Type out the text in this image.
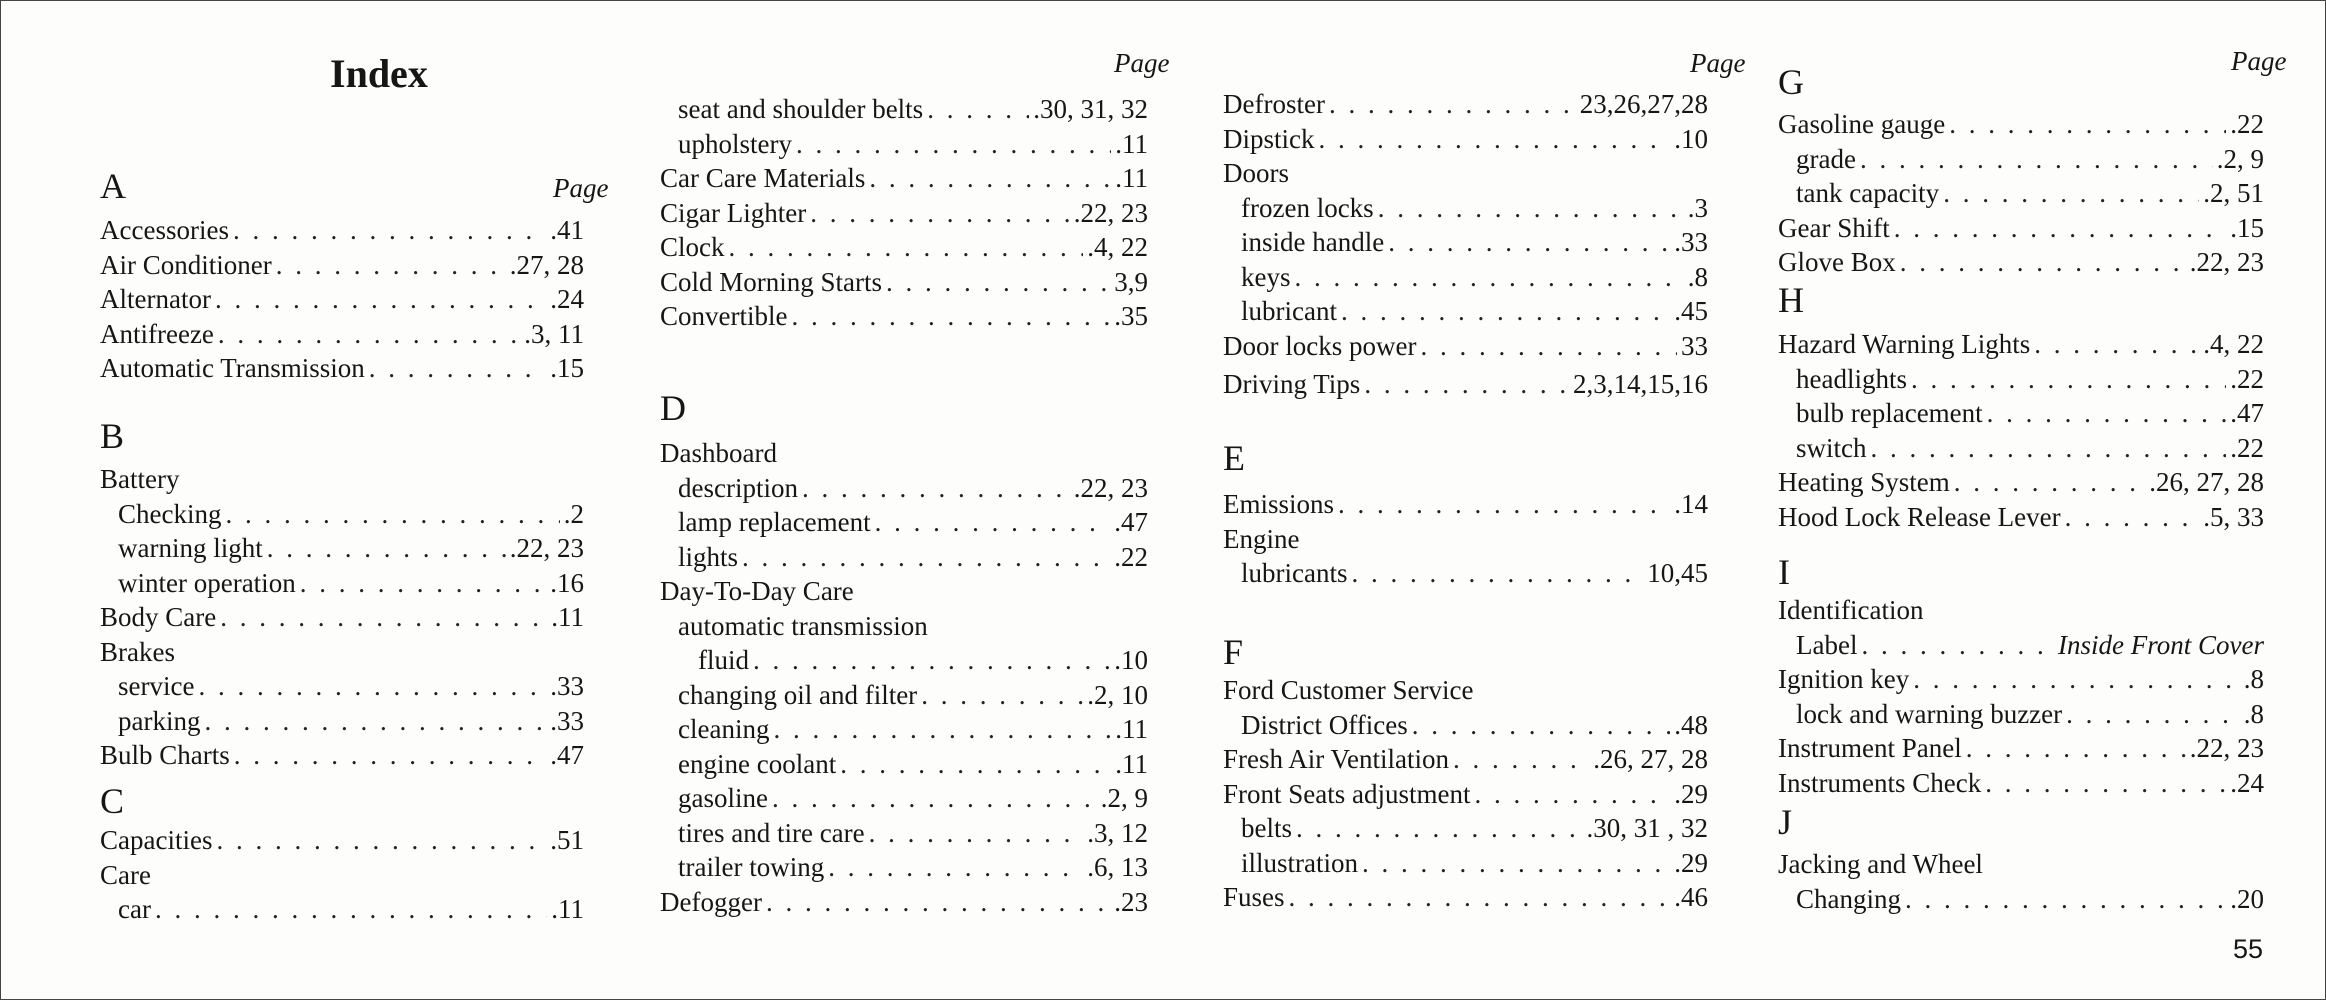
Index
Page
Page	Page	Page
A
Accessories . . .	.41
Air Conditioner . . .	.27, 28
Alternator . . .	.24
Antifreeze . . .	.3, 11
Automatic Transmission . . .	.15
B
Battery
Checking . . .	.2
warning light . . .	.22, 23
winter operation . . .	.16
Body Care . . .	.11
Brakes
service . . .	.33
parking . . .	.33
Bulb Charts . . .	.47
C
Capacities . . .	.51
Care
car . . .	.11
seat and shoulder belts . . .	.30, 31, 32
upholstery . . .	.11
Car Care Materials . . .	.11
Cigar Lighter . . .	.22, 23
Clock . . .	.4, 22
Cold Morning Starts . . .	3,9
Convertible . . .	.35
D
Dashboard
description . . .	.22, 23
lamp replacement . . .	.47
lights . . .	.22
Day-To-Day Care
automatic transmission
fluid . . .	.10
changing oil and filter . . .	.2, 10
cleaning . . .	.11
engine coolant . . .	.11
gasoline . . .	.2, 9
tires and tire care . . .	.3, 12
trailer towing . . .	.6, 13
Defogger . . .	.23
Defroster . . .	23,26,27,28
Dipstick . . .	.10
Doors
frozen locks . . .	.3
inside handle . . .	.33
keys . . .	.8
lubricant . . .	.45
Door locks power . . .	33
Driving Tips . . .	2,3,14,15,16
E
Emissions . . .	.14
Engine
lubricants . . .	10,45
F
Ford Customer Service
District Offices . . .	.48
Fresh Air Ventilation . . .	.26, 27, 28
Front Seats adjustment . . .	.29
belts . . .	.30, 31 , 32
illustration . . .	.29
Fuses . . .	.46
G
Gasoline gauge . . .	.22
grade . . .	.2, 9
tank capacity . . .	.2, 51
Gear Shift . . .	.15
Glove Box . . .	.22, 23
H
Hazard Warning Lights . . .	.4, 22
headlights . . .	.22
bulb replacement . . .	.47
switch . . .	.22
Heating System . . .	.26, 27, 28
Hood Lock Release Lever . . .	.5, 33
I
Identification
Label . . .	Inside Front Cover
Ignition key . . .	.8
lock and warning buzzer . . .	.8
Instrument Panel . . .	.22, 23
Instruments Check . . .	.24
J
Jacking and Wheel
Changing . . .	.20
55
